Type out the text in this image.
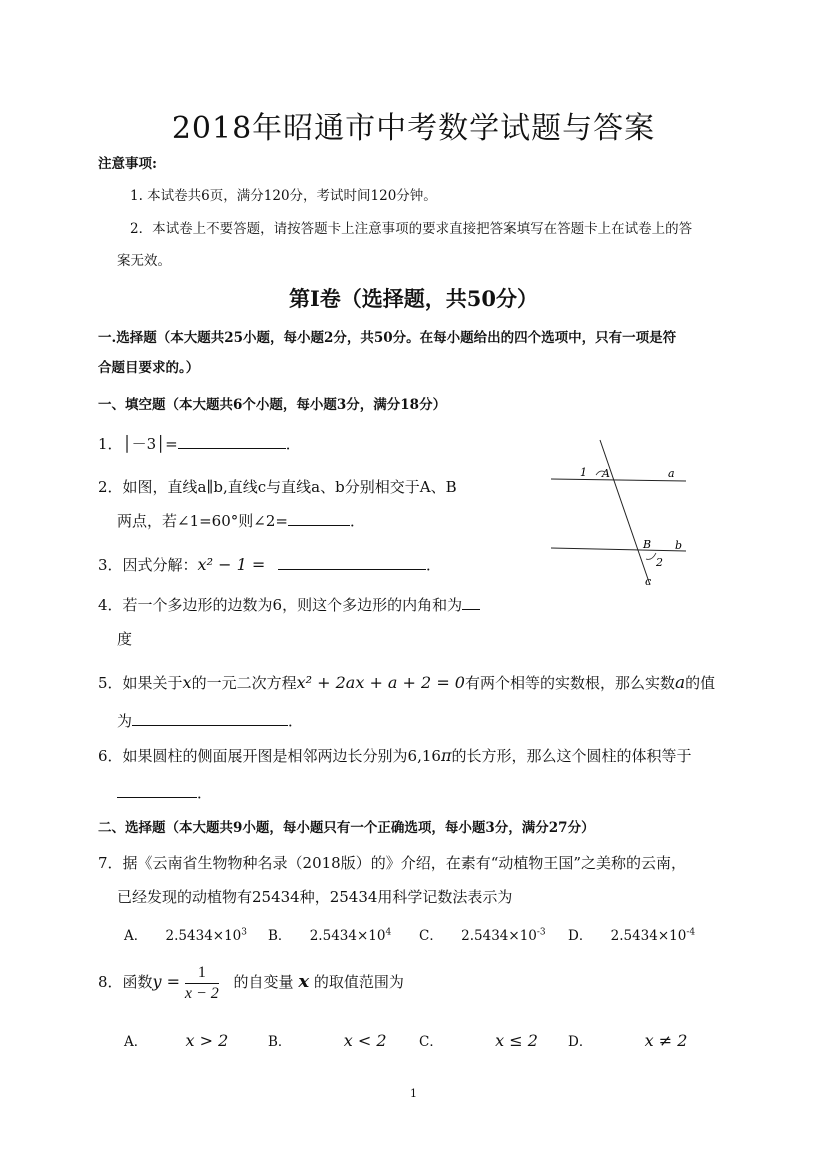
2018年昭通市中考数学试题与答案
注意事项:
1. 本试卷共6页，满分120分，考试时间120分钟。
2．本试卷上不要答题，请按答题卡上注意事项的要求直接把答案填写在答题卡上在试卷上的答
案无效。
第Ⅰ卷（选择题，共50分）
一.选择题（本大题共25小题，每小题2分，共50分。在每小题给出的四个选项中，只有一项是符
合题目要求的。）
一、填空题（本大题共6个小题，每小题3分，满分18分）
1．│－3│=	．
2．如图，直线a∥b,直线c与直线a、b分别相交于A、B
两点，若∠1=60°则∠2=	．
1 A	a
B b
2
c
3．因式分解：x² − 1 =	．
4．若一个多边形的边数为6，则这个多边形的内角和为
度
5．如果关于x的一元二次方程x² + 2ax + a + 2 = 0有两个相等的实数根，那么实数a的值
为	．
6．如果圆柱的侧面展开图是相邻两边长分别为6,16π的长方形，那么这个圆柱的体积等于
．
二、选择题（本大题共9小题，每小题只有一个正确选项，每小题3分，满分27分）
7．据《云南省生物物种名录（2018版）的》介绍，在素有“动植物王国”之美称的云南，
已经发现的动植物有25434种，25434用科学记数法表示为
A． $2.5434\times 10^3$ B． $2.5434\times 10^4$ C． $2.5434\times 10^{-3}$ D． $2.5434\times 10^{-4}$
8．函数$y = \frac{1}{x - 2}$ 的自变量 x 的取值范围为
A． x > 2	B．	x < 2 C．	x ≤ 2 D．	x ≠ 2
1
